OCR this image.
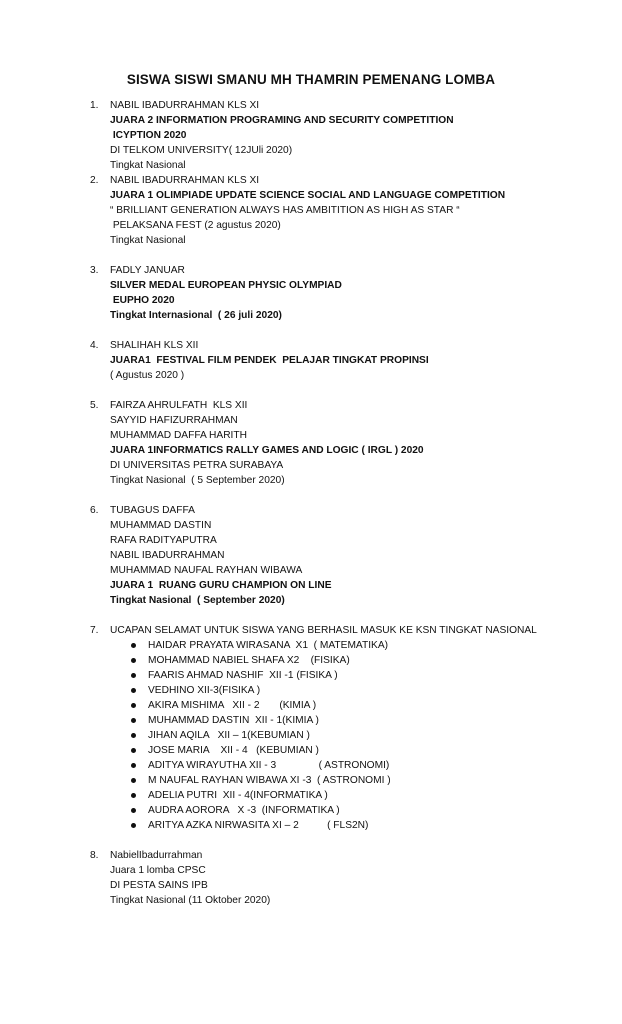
SISWA SISWI SMANU MH THAMRIN PEMENANG LOMBA
1.	NABIL IBADURRAHMAN KLS XI
JUARA 2 INFORMATION PROGRAMING AND SECURITY COMPETITION
ICYPTION 2020
DI TELKOM UNIVERSITY( 12JUli 2020)
Tingkat Nasional
2.	NABIL IBADURRAHMAN KLS XI
JUARA 1 OLIMPIADE UPDATE SCIENCE SOCIAL AND LANGUAGE COMPETITION
“ BRILLIANT GENERATION ALWAYS HAS AMBITITION AS HIGH AS STAR “
PELAKSANA FEST (2 agustus 2020)
Tingkat Nasional
3.	FADLY JANUAR
SILVER MEDAL EUROPEAN PHYSIC OLYMPIAD
EUPHO 2020
Tingkat Internasional  ( 26 juli 2020)
4.	SHALIHAH KLS XII
JUARA1  FESTIVAL FILM PENDEK  PELAJAR TINGKAT PROPINSI
( Agustus 2020 )
5.	FAIRZA AHRULFATH  KLS XII
SAYYID HAFIZURRAHMAN
MUHAMMAD DAFFA HARITH
JUARA 1INFORMATICS RALLY GAMES AND LOGIC ( IRGL ) 2020
DI UNIVERSITAS PETRA SURABAYA
Tingkat Nasional  ( 5 September 2020)
6.	TUBAGUS DAFFA
MUHAMMAD DASTIN
RAFA RADITYAPUTRA
NABIL IBADURRAHMAN
MUHAMMAD NAUFAL RAYHAN WIBAWA
JUARA 1  RUANG GURU CHAMPION ON LINE
Tingkat Nasional  ( September 2020)
7.	UCAPAN SELAMAT UNTUK SISWA YANG BERHASIL MASUK KE KSN TINGKAT NASIONAL
HAIDAR PRAYATA WIRASANA  X1  ( MATEMATIKA)
MOHAMMAD NABIEL SHAFA X2    (FISIKA)
FAARIS AHMAD NASHIF  XII -1 (FISIKA )
VEDHINO XII-3(FISIKA )
AKIRA MISHIMA   XII - 2       (KIMIA )
MUHAMMAD DASTIN  XII - 1(KIMIA )
JIHAN AQILA   XII – 1(KEBUMIAN )
JOSE MARIA    XII - 4   (KEBUMIAN )
ADITYA WIRAYUTHA XII - 3               ( ASTRONOMI)
M NAUFAL RAYHAN WIBAWA XI -3  ( ASTRONOMI )
ADELIA PUTRI  XII - 4(INFORMATIKA )
AUDRA AORORA   X -3  (INFORMATIKA )
ARITYA AZKA NIRWASITA XI – 2          ( FLS2N)
8.	NabielIbadurrahman
Juara 1 lomba CPSC
DI PESTA SAINS IPB
Tingkat Nasional (11 Oktober 2020)
